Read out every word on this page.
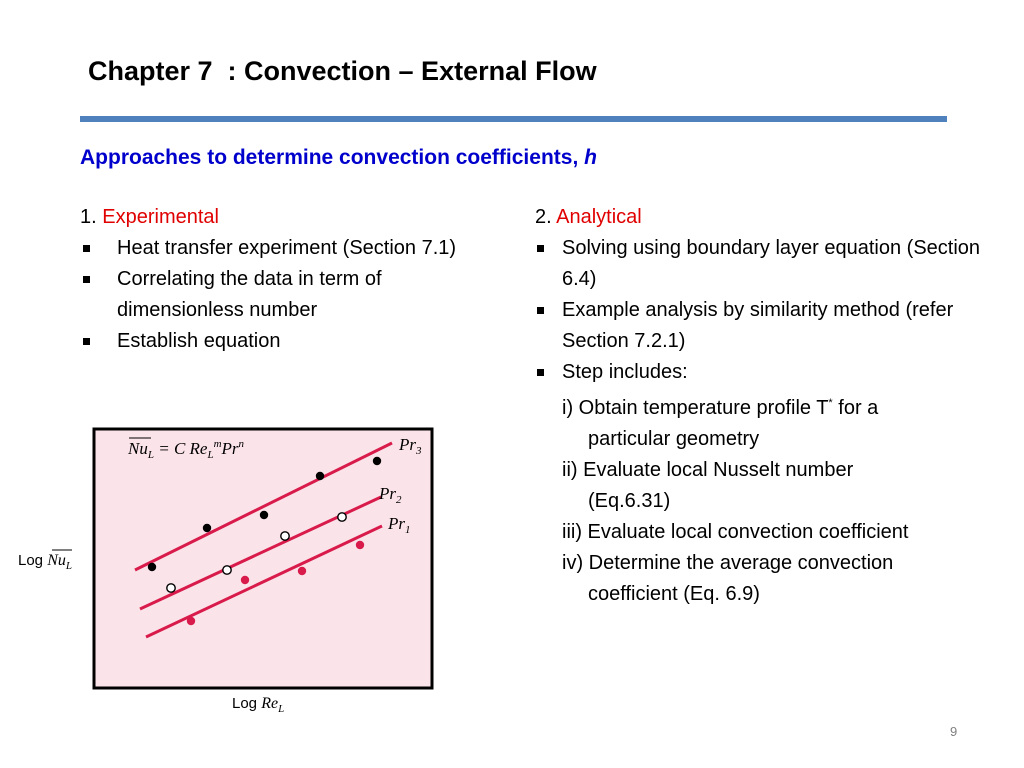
Chapter 7  : Convection – External Flow
Approaches to determine convection coefficients, h
1. Experimental
Heat transfer experiment (Section 7.1)
Correlating the data in term of dimensionless number
Establish equation
2. Analytical
Solving using boundary layer equation (Section 6.4)
Example analysis by similarity method (refer Section 7.2.1)
Step includes:
i) Obtain temperature profile T* for a
particular geometry
ii) Evaluate local Nusselt number
(Eq.6.31)
iii) Evaluate local convection coefficient
iv) Determine the average convection
coefficient (Eq. 6.9)
$Nu_L = C$ $Re_L^mPr^n$	$Pr_3$
$Pr_2$
$Pr_1$
Log $Nu_L$
Log $Re_L$
9
